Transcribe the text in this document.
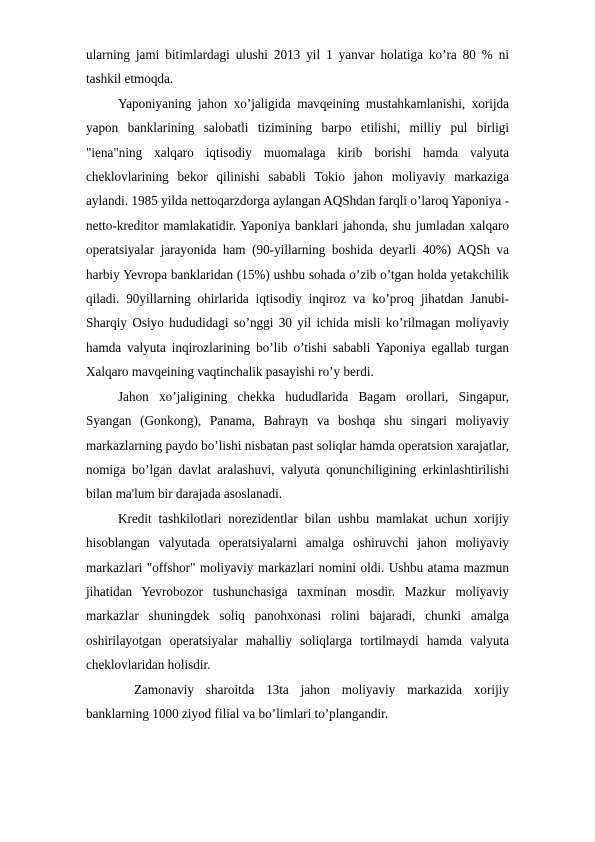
ularning jami bitimlardagi ulushi 2013 yil 1 yanvar holatiga ko’ra 80 % ni tashkil etmoqda.

Yaponiyaning jahon xo’jaligida mavqeining mustahkamlanishi, xorijda yapon banklarining salobatli tizimining barpo etilishi, milliy pul birligi "iena"ning xalqaro iqtisodiy muomalaga kirib borishi hamda valyuta cheklovlarining bekor qilinishi sababli Tokio jahon moliyaviy markaziga aylandi. 1985 yilda nettoqarzdorga aylangan AQShdan farqli o’laroq Yaponiya - netto-kreditor mamlakatidir. Yaponiya banklari jahonda, shu jumladan xalqaro operatsiyalar jarayonida ham (90-yillarning boshida deyarli 40%) AQSh va harbiy Yevropa banklaridan (15%) ushbu sohada o’zib o’tgan holda yetakchilik qiladi. 90yillarning ohirlarida iqtisodiy inqiroz va ko’proq jihatdan Janubi-Sharqiy Osiyo hududidagi so’nggi 30 yil ichida misli ko’rilmagan moliyaviy hamda valyuta inqirozlarining bo’lib o’tishi sababli Yaponiya egallab turgan Xalqaro mavqeining vaqtinchalik pasayishi ro’y berdi.

Jahon xo’jaligining chekka hududlarida Bagam orollari, Singapur, Syangan (Gonkong), Panama, Bahrayn va boshqa shu singari moliyaviy markazlarning paydo bo’lishi nisbatan past soliqlar hamda operatsion xarajatlar, nomiga bo’lgan davlat aralashuvi, valyuta qonunchiligining erkinlashtirilishi bilan ma'lum bir darajada asoslanadi.

Kredit tashkilotlari norezidentlar bilan ushbu mamlakat uchun xorijiy hisoblangan valyutada operatsiyalarni amalga oshiruvchi jahon moliyaviy markazlari "offshor" moliyaviy markazlari nomini oldi. Ushbu atama mazmun jihatidan Yevrobozor tushunchasiga taxminan mosdir. Mazkur moliyaviy markazlar shuningdek soliq panohxonasi rolini bajaradi, chunki amalga oshirilayotgan operatsiyalar mahalliy soliqlarga tortilmaydi hamda valyuta cheklovlaridan holisdir.

Zamonaviy sharoitda 13ta jahon moliyaviy markazida xorijiy banklarning 1000 ziyod filial va bo’limlari to’plangandir.
